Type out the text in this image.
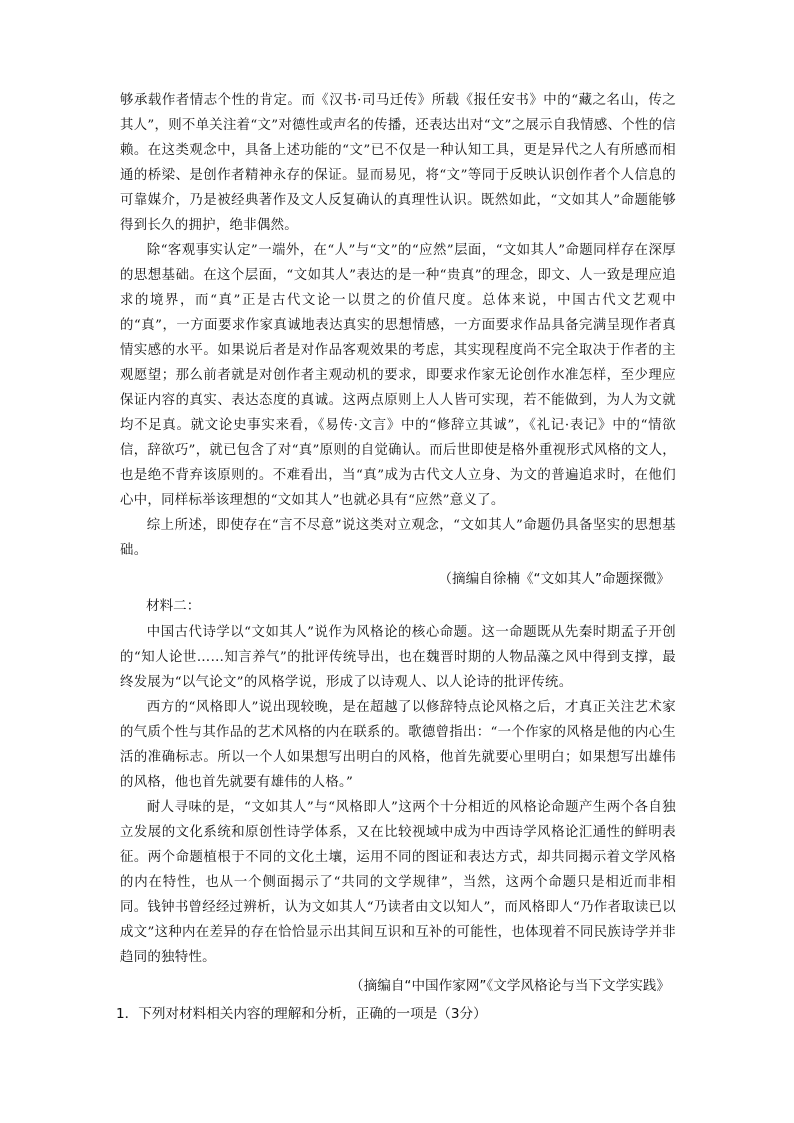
够承载作者情志个性的肯定。而《汉书·司马迁传》所载《报任安书》中的“藏之名山，传之其人”，则不单关注着“文”对德性或声名的传播，还表达出对“文”之展示自我情感、个性的信赖。在这类观念中，具备上述功能的“文”已不仅是一种认知工具，更是异代之人有所感而相通的桥梁、是创作者精神永存的保证。显而易见，将“文”等同于反映认识创作者个人信息的可靠媒介，乃是被经典著作及文人反复确认的真理性认识。既然如此，“文如其人”命题能够得到长久的拥护，绝非偶然。

除“客观事实认定”一端外，在“人”与“文”的“应然”层面，“文如其人”命题同样存在深厚的思想基础。在这个层面，“文如其人”表达的是一种“贵真”的理念，即文、人一致是理应追求的境界，而“真”正是古代文论一以贯之的价值尺度。总体来说，中国古代文艺观中的“真”，一方面要求作家真诚地表达真实的思想情感，一方面要求作品具备完满呈现作者真情实感的水平。如果说后者是对作品客观效果的考虑，其实现程度尚不完全取决于作者的主观愿望；那么前者就是对创作者主观动机的要求，即要求作家无论创作水准怎样，至少理应保证内容的真实、表达态度的真诚。这两点原则上人人皆可实现，若不能做到，为人为文就均不足真。就文论史事实来看，《易传·文言》中的“修辞立其诚”，《礼记·表记》中的“情欲信，辞欲巧”，就已包含了对“真”原则的自觉确认。而后世即使是格外重视形式风格的文人，也是绝不背弃该原则的。不难看出，当“真”成为古代文人立身、为文的普遍追求时，在他们心中，同样标举该理想的“文如其人”也就必具有“应然”意义了。

综上所述，即使存在“言不尽意”说这类对立观念，“文如其人”命题仍具备坚实的思想基础。

（摘编自徐楠《“文如其人”命题探微》

材料二：

中国古代诗学以“文如其人”说作为风格论的核心命题。这一命题既从先秦时期孟子开创的“知人论世……知言养气”的批评传统导出，也在魏晋时期的人物品藻之风中得到支撑，最终发展为“以气论文”的风格学说，形成了以诗观人、以人论诗的批评传统。

西方的“风格即人”说出现较晚，是在超越了以修辞特点论风格之后，才真正关注艺术家的气质个性与其作品的艺术风格的内在联系的。歌德曾指出：“一个作家的风格是他的内心生活的准确标志。所以一个人如果想写出明白的风格，他首先就要心里明白；如果想写出雄伟的风格，他也首先就要有雄伟的人格。”

耐人寻味的是，“文如其人”与“风格即人”这两个十分相近的风格论命题产生两个各自独立发展的文化系统和原创性诗学体系，又在比较视域中成为中西诗学风格论汇通性的鲜明表征。两个命题植根于不同的文化土壤，运用不同的图证和表达方式，却共同揭示着文学风格的内在特性，也从一个侧面揭示了“共同的文学规律”，当然，这两个命题只是相近而非相同。钱钟书曾经经过辨析，认为文如其人“乃读者由文以知人”，而风格即人“乃作者取读已以成文”这种内在差异的存在恰恰显示出其间互识和互补的可能性，也体现着不同民族诗学并非趋同的独特性。

（摘编自“中国作家网”《文学风格论与当下文学实践》

1．下列对材料相关内容的理解和分析，正确的一项是（3分）
